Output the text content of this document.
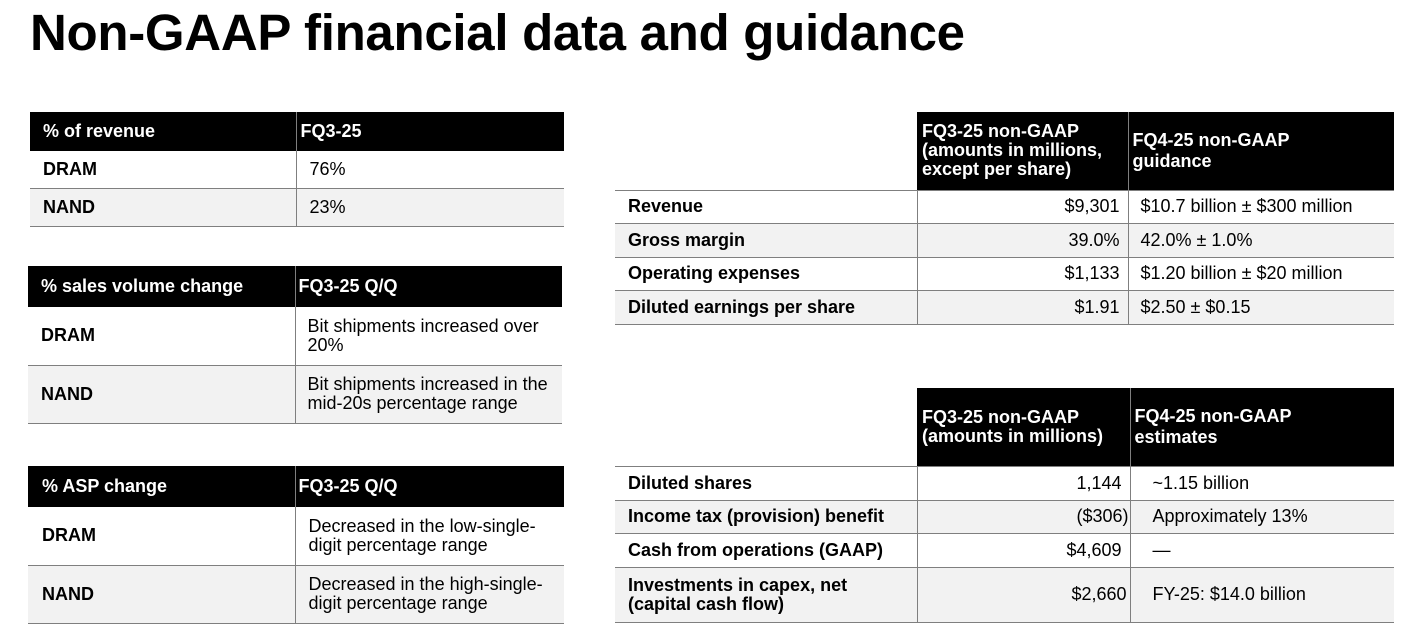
Non-GAAP financial data and guidance
% of revenue	FQ3-25
DRAM	76%
NAND	23%
% sales volume change	FQ3-25 Q/Q
DRAM	Bit shipments increased over 20%
NAND	Bit shipments increased in the mid-20s percentage range
% ASP change	FQ3-25 Q/Q
DRAM	Decreased in the low-single-digit percentage range
NAND	Decreased in the high-single-digit percentage range
	FQ3-25 non-GAAP (amounts in millions, except per share)	FQ4-25 non-GAAP guidance
Revenue	$9,301	$10.7 billion ± $300 million
Gross margin	39.0%	42.0% ± 1.0%
Operating expenses	$1,133	$1.20 billion ± $20 million
Diluted earnings per share	$1.91	$2.50 ± $0.15
	FQ3-25 non-GAAP (amounts in millions)	FQ4-25 non-GAAP estimates
Diluted shares	1,144	~1.15 billion
Income tax (provision) benefit	($306)	Approximately 13%
Cash from operations (GAAP)	$4,609	—
Investments in capex, net (capital cash flow)	$2,660	FY-25: $14.0 billion
